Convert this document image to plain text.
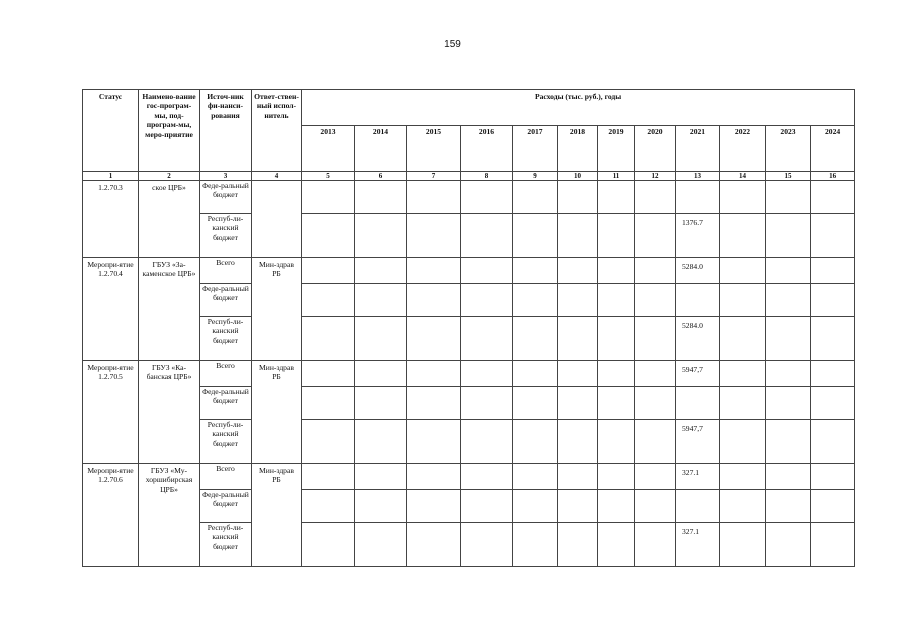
159
Статус	Наимено-вание гос-програм-мы, под-програм-мы, меро-приятие	Источ-ник фи-нанси-рования	Ответ-ствен-ный испол-нитель	Расходы (тыс. руб.), годы											
				2013	2014	2015	2016	2017	2018	2019	2020	2021	2022	2023	2024
1	2	3	4	5	6	7	8	9	10	11	12	13	14	15	16
1.2.70.3	ское ЦРБ»	Феде-ральный бюджет													
		Респуб-ли-канский бюджет										1376.7			
Меропри-ятие 1.2.70.4	ГБУЗ «За-каменское ЦРБ»	Всего	Мин-здрав РБ									5284.0			
		Феде-ральный бюджет													
		Респуб-ли-канский бюджет										5284.0			
Меропри-ятие 1.2.70.5	ГБУЗ «Ка-банская ЦРБ»	Всего	Мин-здрав РБ									5947,7			
		Феде-ральный бюджет													
		Респуб-ли-канский бюджет										5947,7			
Меропри-ятие 1.2.70.6	ГБУЗ «Му-хоршибирская ЦРБ»	Всего	Мин-здрав РБ									327.1			
		Феде-ральный бюджет													
		Респуб-ли-канский бюджет										327.1			
